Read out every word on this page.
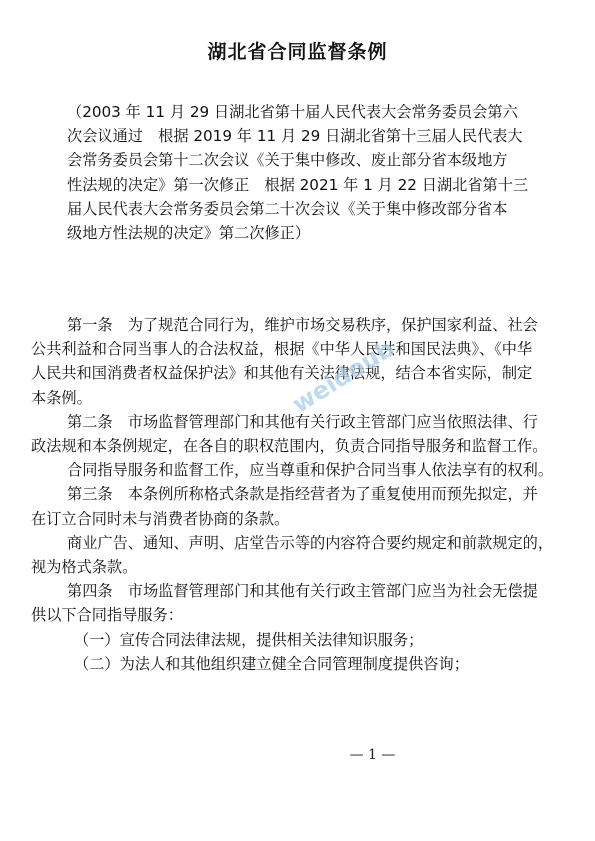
湖北省合同监督条例
（2003 年 11 月 29 日湖北省第十届人民代表大会常务委员会第六
次会议通过　根据 2019 年 11 月 29 日湖北省第十三届人民代表大
会常务委员会第十二次会议《关于集中修改、废止部分省本级地方
性法规的决定》第一次修正　根据 2021 年 1 月 22 日湖北省第十三
届人民代表大会常务委员会第二十次会议《关于集中修改部分省本
级地方性法规的决定》第二次修正）
第一条　为了规范合同行为，维护市场交易秩序，保护国家利益、社会
公共利益和合同当事人的合法权益，根据《中华人民共和国民法典》、《中华
人民共和国消费者权益保护法》和其他有关法律法规，结合本省实际，制定
本条例。
第二条　市场监督管理部门和其他有关行政主管部门应当依照法律、行
政法规和本条例规定，在各自的职权范围内，负责合同指导服务和监督工作。
合同指导服务和监督工作，应当尊重和保护合同当事人依法享有的权利。
第三条　本条例所称格式条款是指经营者为了重复使用而预先拟定，并
在订立合同时未与消费者协商的条款。
商业广告、通知、声明、店堂告示等的内容符合要约规定和前款规定的，
视为格式条款。
第四条　市场监督管理部门和其他有关行政主管部门应当为社会无偿提
供以下合同指导服务：
（一）宣传合同法律法规，提供相关法律知识服务；
（二）为法人和其他组织建立健全合同管理制度提供咨询；
weidoub
— 1 —
